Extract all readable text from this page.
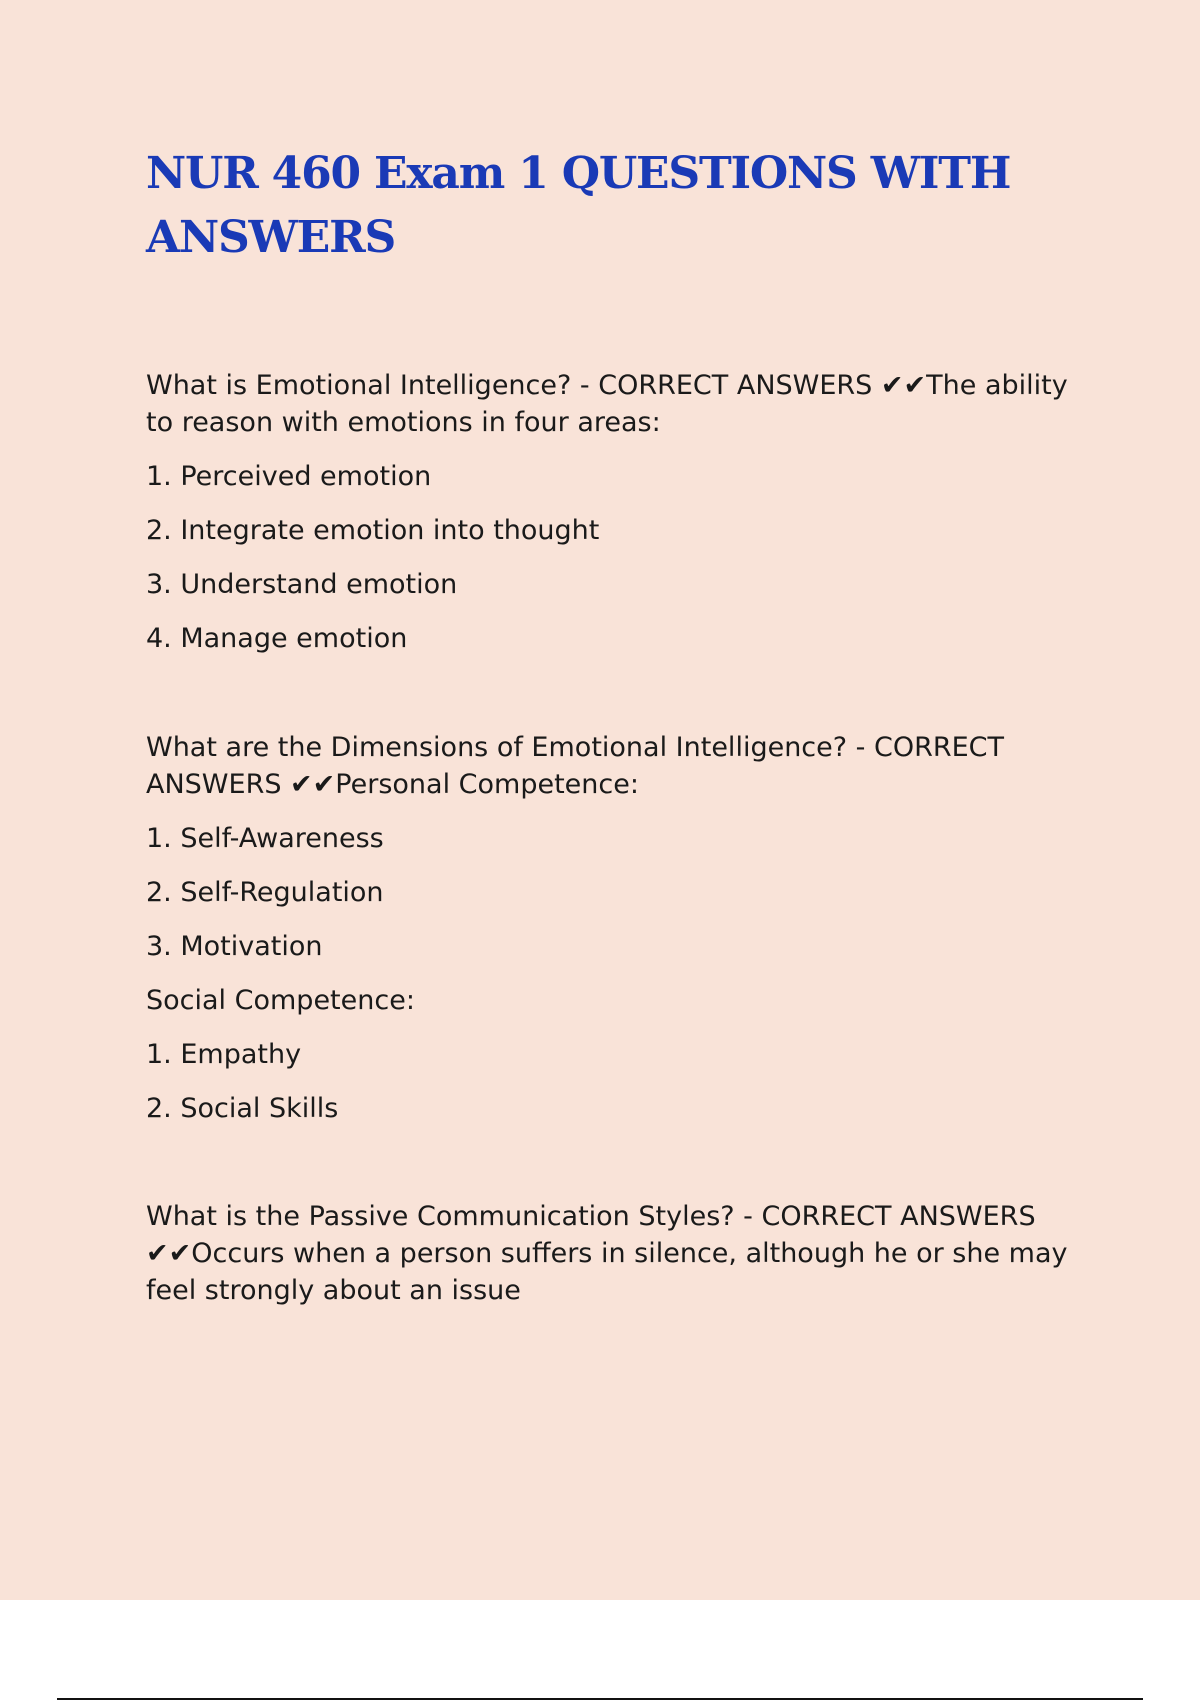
NUR 460 Exam 1 QUESTIONS WITH ANSWERS

What is Emotional Intelligence? - CORRECT ANSWERS ✔✔The ability to reason with emotions in four areas:

1. Perceived emotion

2. Integrate emotion into thought

3. Understand emotion

4. Manage emotion

What are the Dimensions of Emotional Intelligence? - CORRECT ANSWERS ✔✔Personal Competence:

1. Self-Awareness

2. Self-Regulation

3. Motivation

Social Competence:

1. Empathy

2. Social Skills

What is the Passive Communication Styles? - CORRECT ANSWERS ✔✔Occurs when a person suffers in silence, although he or she may feel strongly about an issue
